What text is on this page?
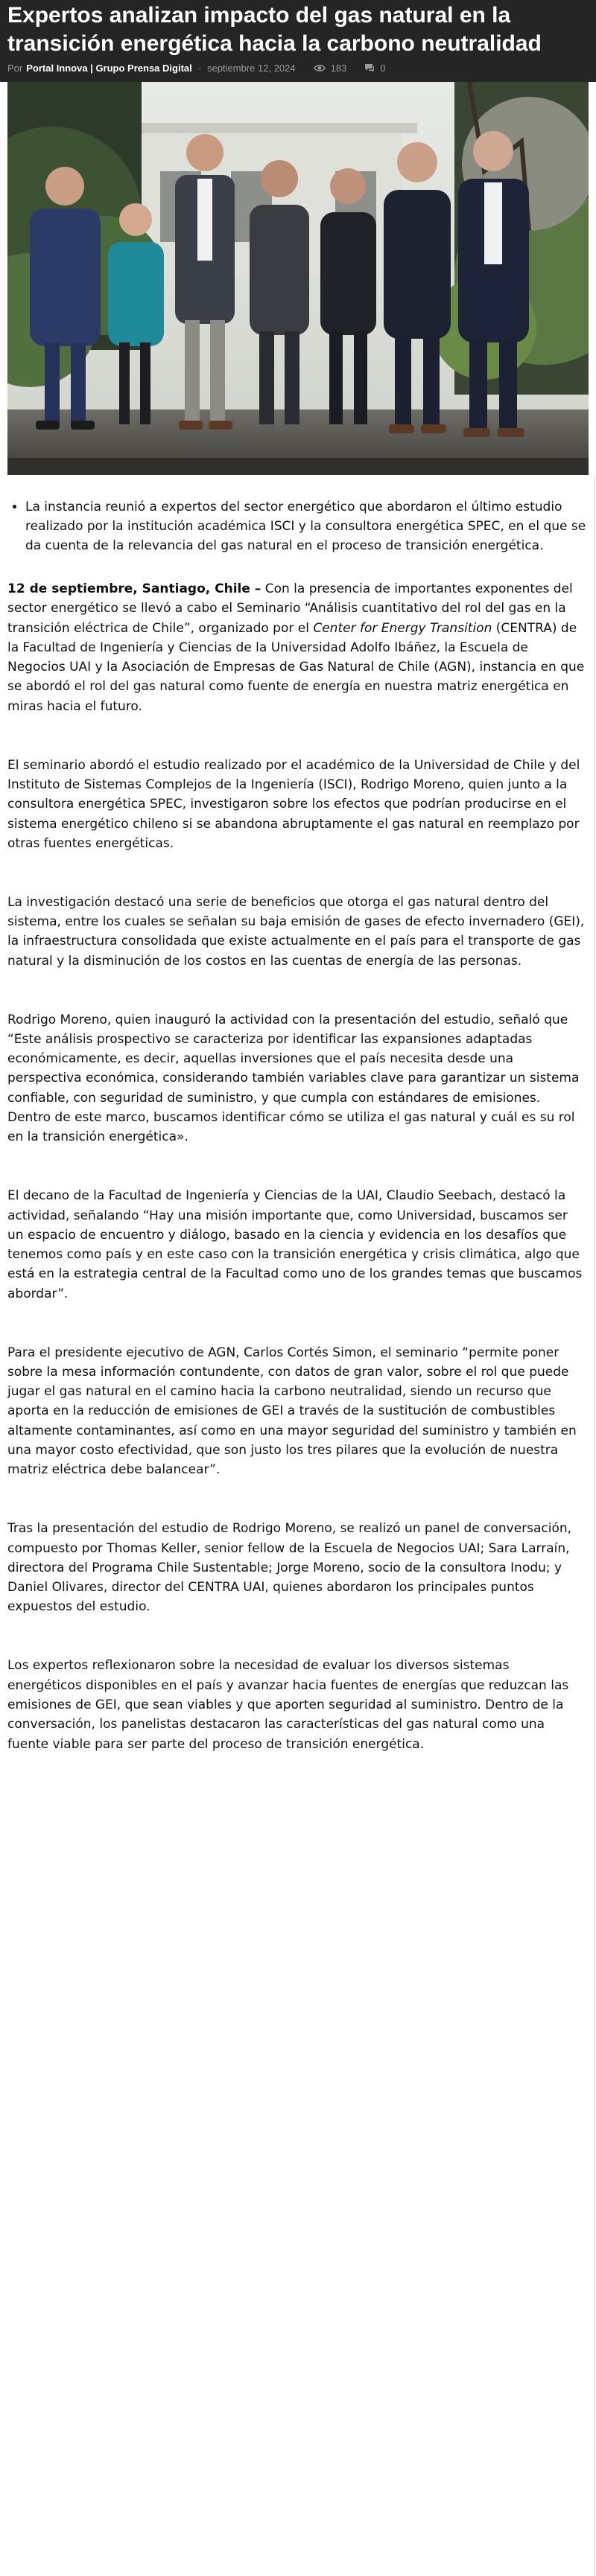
Expertos analizan impacto del gas natural en la transición energética hacia la carbono neutralidad
Por Portal Innova | Grupo Prensa Digital - septiembre 12, 2024	183	0
• La instancia reunió a expertos del sector energético que abordaron el último estudio realizado por la institución académica ISCI y la consultora energética SPEC, en el que se da cuenta de la relevancia del gas natural en el proceso de transición energética.

12 de septiembre, Santiago, Chile – Con la presencia de importantes exponentes del sector energético se llevó a cabo el Seminario “Análisis cuantitativo del rol del gas en la transición eléctrica de Chile”, organizado por el Center for Energy Transition (CENTRA) de la Facultad de Ingeniería y Ciencias de la Universidad Adolfo Ibáñez, la Escuela de Negocios UAI y la Asociación de Empresas de Gas Natural de Chile (AGN), instancia en que se abordó el rol del gas natural como fuente de energía en nuestra matriz energética en miras hacia el futuro.

El seminario abordó el estudio realizado por el académico de la Universidad de Chile y del Instituto de Sistemas Complejos de la Ingeniería (ISCI), Rodrigo Moreno, quien junto a la consultora energética SPEC, investigaron sobre los efectos que podrían producirse en el sistema energético chileno si se abandona abruptamente el gas natural en reemplazo por otras fuentes energéticas.

La investigación destacó una serie de beneficios que otorga el gas natural dentro del sistema, entre los cuales se señalan su baja emisión de gases de efecto invernadero (GEI), la infraestructura consolidada que existe actualmente en el país para el transporte de gas natural y la disminución de los costos en las cuentas de energía de las personas.

Rodrigo Moreno, quien inauguró la actividad con la presentación del estudio, señaló que “Este análisis prospectivo se caracteriza por identificar las expansiones adaptadas económicamente, es decir, aquellas inversiones que el país necesita desde una perspectiva económica, considerando también variables clave para garantizar un sistema confiable, con seguridad de suministro, y que cumpla con estándares de emisiones. Dentro de este marco, buscamos identificar cómo se utiliza el gas natural y cuál es su rol en la transición energética».

El decano de la Facultad de Ingeniería y Ciencias de la UAI, Claudio Seebach, destacó la actividad, señalando “Hay una misión importante que, como Universidad, buscamos ser un espacio de encuentro y diálogo, basado en la ciencia y evidencia en los desafíos que tenemos como país y en este caso con la transición energética y crisis climática, algo que está en la estrategia central de la Facultad como uno de los grandes temas que buscamos abordar”.

Para el presidente ejecutivo de AGN, Carlos Cortés Simon, el seminario “permite poner sobre la mesa información contundente, con datos de gran valor, sobre el rol que puede jugar el gas natural en el camino hacia la carbono neutralidad, siendo un recurso que aporta en la reducción de emisiones de GEI a través de la sustitución de combustibles altamente contaminantes, así como en una mayor seguridad del suministro y también en una mayor costo efectividad, que son justo los tres pilares que la evolución de nuestra matriz eléctrica debe balancear”.

Tras la presentación del estudio de Rodrigo Moreno, se realizó un panel de conversación, compuesto por Thomas Keller, senior fellow de la Escuela de Negocios UAI; Sara Larraín, directora del Programa Chile Sustentable; Jorge Moreno, socio de la consultora Inodu; y Daniel Olivares, director del CENTRA UAI, quienes abordaron los principales puntos expuestos del estudio.

Los expertos reflexionaron sobre la necesidad de evaluar los diversos sistemas energéticos disponibles en el país y avanzar hacia fuentes de energías que reduzcan las emisiones de GEI, que sean viables y que aporten seguridad al suministro. Dentro de la conversación, los panelistas destacaron las características del gas natural como una fuente viable para ser parte del proceso de transición energética.
